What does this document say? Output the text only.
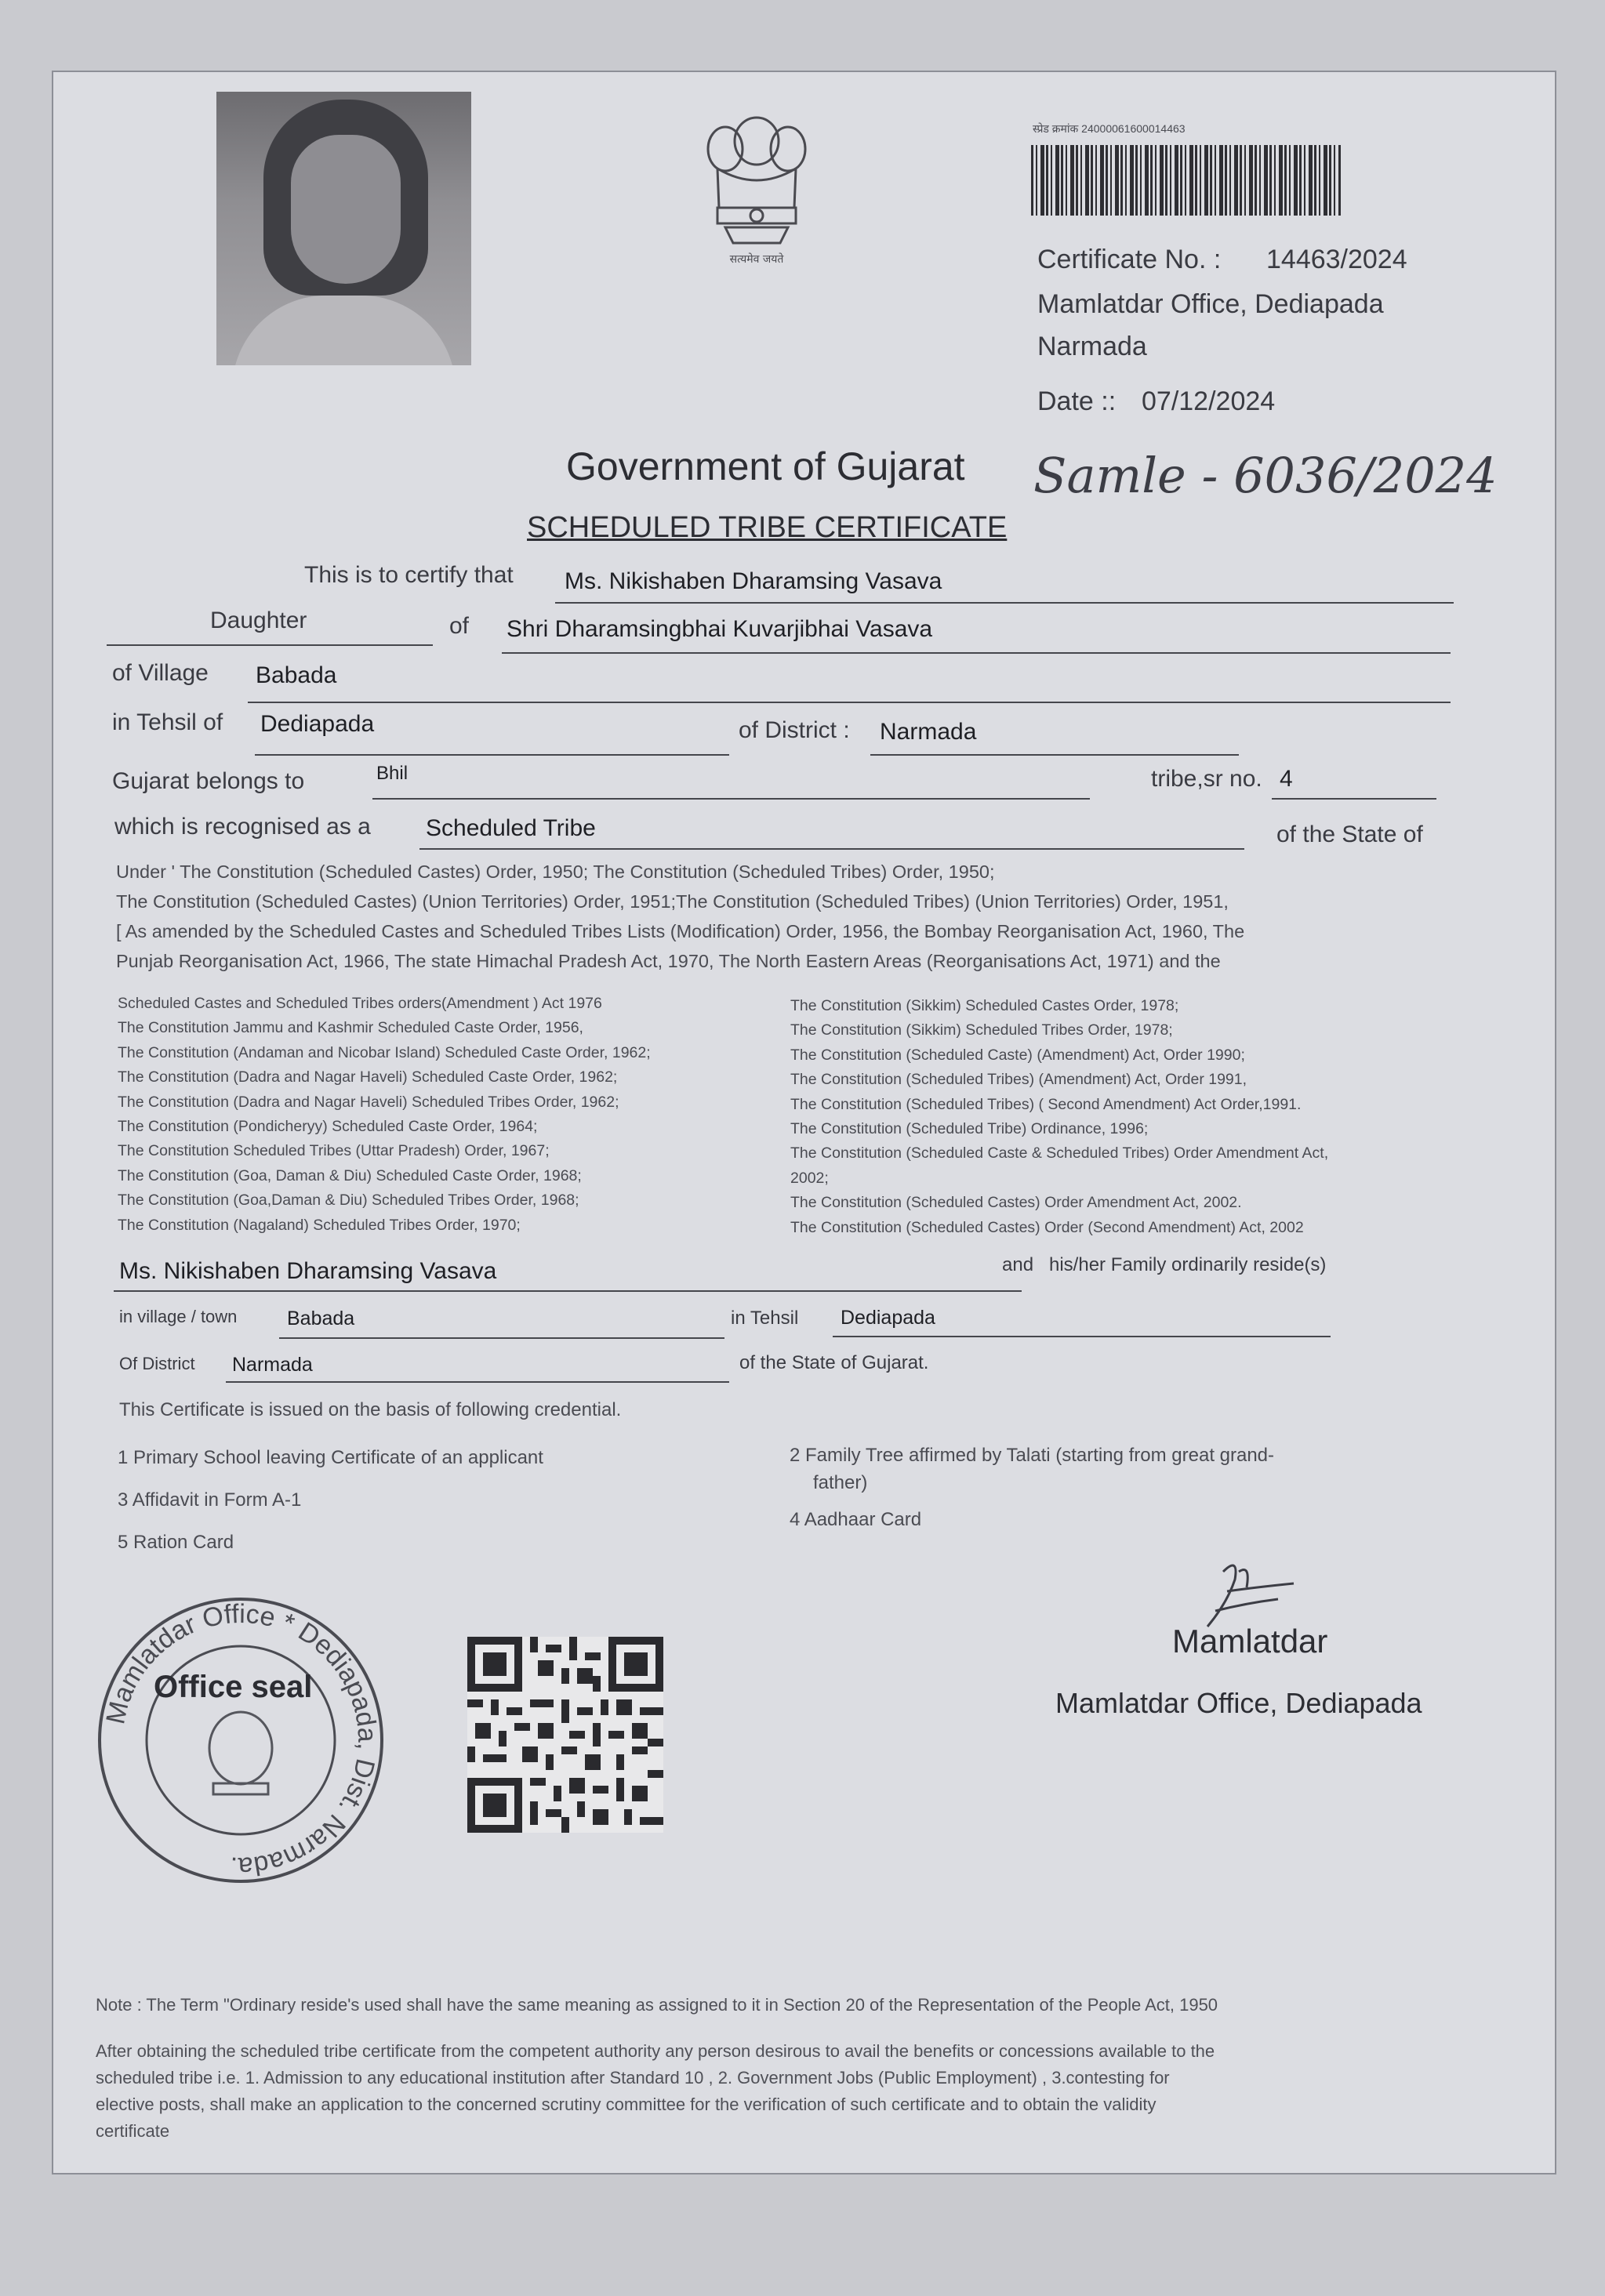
सत्यमेव जयते
स्प्रेड क्रमांक 24000061600014463
Certificate No. : 14463/2024
Mamlatdar Office, Dediapada
Narmada
Date :: 07/12/2024
Samle - 6036/2024
Government of Gujarat
SCHEDULED TRIBE CERTIFICATE
This is to certify that Ms. Nikishaben Dharamsing Vasava
Daughter	of Shri Dharamsingbhai Kuvarjibhai Vasava
of Village Babada
in Tehsil of Dediapada	of District : Narmada
Gujarat belongs to	Bhil	tribe,sr no. 4
which is recognised as a Scheduled Tribe	of the State of
Under ' The Constitution (Scheduled Castes) Order, 1950; The Constitution (Scheduled Tribes) Order, 1950;
The Constitution (Scheduled Castes) (Union Territories) Order, 1951;The Constitution (Scheduled Tribes) (Union Territories) Order, 1951,
[ As amended by the Scheduled Castes and Scheduled Tribes Lists (Modification) Order, 1956, the Bombay Reorganisation Act, 1960, The
Punjab Reorganisation Act, 1966, The state Himachal Pradesh Act, 1970, The North Eastern Areas (Reorganisations Act, 1971) and the
Scheduled Castes and Scheduled Tribes orders(Amendment ) Act 1976
The Constitution Jammu and Kashmir Scheduled Caste Order, 1956,
The Constitution (Andaman and Nicobar Island) Scheduled Caste Order, 1962;
The Constitution (Dadra and Nagar Haveli) Scheduled Caste Order, 1962;
The Constitution (Dadra and Nagar Haveli) Scheduled Tribes Order, 1962;
The Constitution (Pondicheryy) Scheduled Caste Order, 1964;
The Constitution Scheduled Tribes (Uttar Pradesh) Order, 1967;
The Constitution (Goa, Daman & Diu) Scheduled Caste Order, 1968;
The Constitution (Goa,Daman & Diu) Scheduled Tribes Order, 1968;
The Constitution (Nagaland) Scheduled Tribes Order, 1970;
The Constitution (Sikkim) Scheduled Castes Order, 1978;
The Constitution (Sikkim) Scheduled Tribes Order, 1978;
The Constitution (Scheduled Caste) (Amendment) Act, Order 1990;
The Constitution (Scheduled Tribes) (Amendment) Act, Order 1991,
The Constitution (Scheduled Tribes) ( Second Amendment) Act Order,1991.
The Constitution (Scheduled Tribe) Ordinance, 1996;
The Constitution (Scheduled Caste & Scheduled Tribes) Order Amendment Act,
2002;
The Constitution (Scheduled Castes) Order Amendment Act, 2002.
The Constitution (Scheduled Castes) Order (Second Amendment) Act, 2002
Ms. Nikishaben Dharamsing Vasava	and his/her Family ordinarily reside(s)
in village / town	Babada	in Tehsil Dediapada
Of District Narmada	of the State of Gujarat.
This Certificate is issued on the basis of following credential.
1 Primary School leaving Certificate of an applicant	2 Family Tree affirmed by Talati (starting from great grand-
father)
3 Affidavit in Form A-1
4 Aadhaar Card
5 Ration Card
Mamlatdar Office * Dediapada, Dist. Narmada.
Office seal
Mamlatdar
Mamlatdar Office, Dediapada
Note : The Term "Ordinary reside's used shall have the same meaning as assigned to it in Section 20 of the Representation of the People Act, 1950
After obtaining the scheduled tribe certificate from the competent authority any person desirous to avail the benefits or concessions available to the
scheduled tribe i.e. 1. Admission to any educational institution after Standard 10 , 2. Government Jobs (Public Employment) , 3.contesting for
elective posts, shall make an application to the concerned scrutiny committee for the verification of such certificate and to obtain the validity
certificate
